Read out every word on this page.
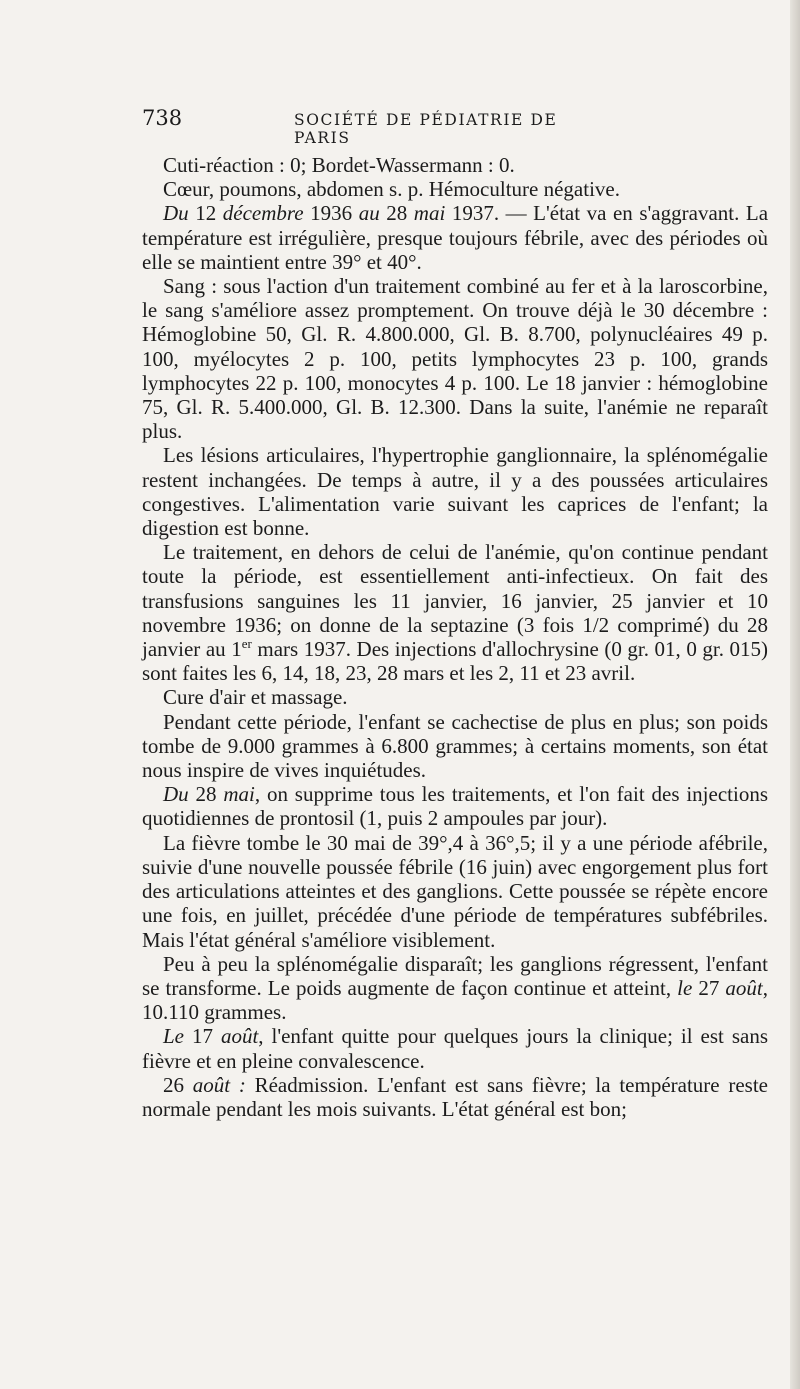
738	SOCIÉTÉ DE PÉDIATRIE DE PARIS

Cuti-réaction : 0; Bordet-Wassermann : 0.

Cœur, poumons, abdomen s. p. Hémoculture négative.

Du 12 décembre 1936 au 28 mai 1937. — L'état va en s'aggravant. La température est irrégulière, presque toujours fébrile, avec des périodes où elle se maintient entre 39° et 40°.

Sang : sous l'action d'un traitement combiné au fer et à la laroscorbine, le sang s'améliore assez promptement. On trouve déjà le 30 décembre : Hémoglobine 50, Gl. R. 4.800.000, Gl. B. 8.700, polynucléaires 49 p. 100, myélocytes 2 p. 100, petits lymphocytes 23 p. 100, grands lymphocytes 22 p. 100, monocytes 4 p. 100. Le 18 janvier : hémoglobine 75, Gl. R. 5.400.000, Gl. B. 12.300. Dans la suite, l'anémie ne reparaît plus.

Les lésions articulaires, l'hypertrophie ganglionnaire, la splénomégalie restent inchangées. De temps à autre, il y a des poussées articulaires congestives. L'alimentation varie suivant les caprices de l'enfant; la digestion est bonne.

Le traitement, en dehors de celui de l'anémie, qu'on continue pendant toute la période, est essentiellement anti-infectieux. On fait des transfusions sanguines les 11 janvier, 16 janvier, 25 janvier et 10 novembre 1936; on donne de la septazine (3 fois 1/2 comprimé) du 28 janvier au 1er mars 1937. Des injections d'allochrysine (0 gr. 01, 0 gr. 015) sont faites les 6, 14, 18, 23, 28 mars et les 2, 11 et 23 avril.

Cure d'air et massage.

Pendant cette période, l'enfant se cachectise de plus en plus; son poids tombe de 9.000 grammes à 6.800 grammes; à certains moments, son état nous inspire de vives inquiétudes.

Du 28 mai, on supprime tous les traitements, et l'on fait des injections quotidiennes de prontosil (1, puis 2 ampoules par jour).

La fièvre tombe le 30 mai de 39°,4 à 36°,5; il y a une période afébrile, suivie d'une nouvelle poussée fébrile (16 juin) avec engorgement plus fort des articulations atteintes et des ganglions. Cette poussée se répète encore une fois, en juillet, précédée d'une période de températures subfébriles. Mais l'état général s'améliore visiblement.

Peu à peu la splénomégalie disparaît; les ganglions régressent, l'enfant se transforme. Le poids augmente de façon continue et atteint, le 27 août, 10.110 grammes.

Le 17 août, l'enfant quitte pour quelques jours la clinique; il est sans fièvre et en pleine convalescence.

26 août : Réadmission. L'enfant est sans fièvre; la température reste normale pendant les mois suivants. L'état général est bon;
